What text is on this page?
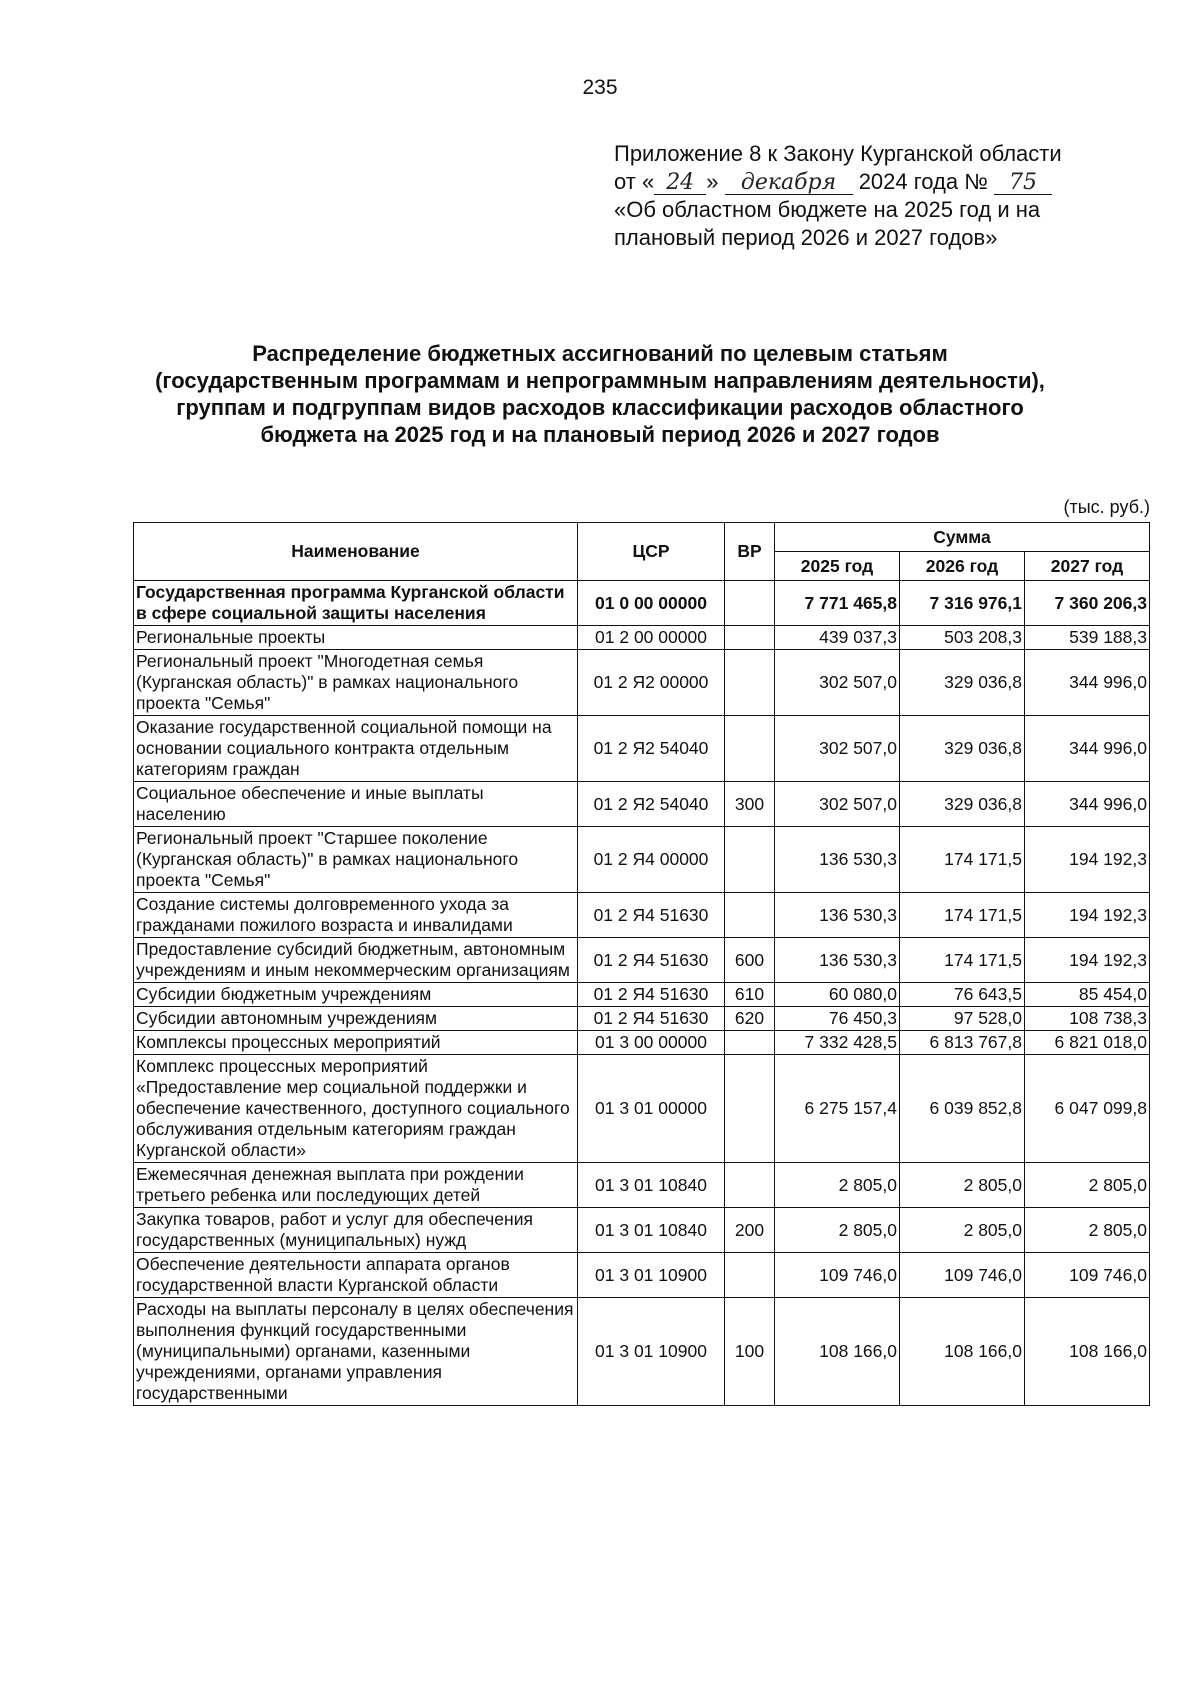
235
Приложение 8 к Закону Курганской области
от « 24 » декабря 2024 года № 75
«Об областном бюджете на 2025 год и на
плановый период 2026 и 2027 годов»
Распределение бюджетных ассигнований по целевым статьям
(государственным программам и непрограммным направлениям деятельности),
группам и подгруппам видов расходов классификации расходов областного
бюджета на 2025 год и на плановый период 2026 и 2027 годов
(тыс. руб.)
Наименование	ЦСР	ВР	Сумма		
			2025 год	2026 год	2027 год
Государственная программа Курганской области в сфере социальной защиты населения	01 0 00 00000		7 771 465,8	7 316 976,1	7 360 206,3
Региональные проекты	01 2 00 00000		439 037,3	503 208,3	539 188,3
Региональный проект "Многодетная семья (Курганская область)" в рамках национального проекта "Семья"	01 2 Я2 00000		302 507,0	329 036,8	344 996,0
Оказание государственной социальной помощи на основании социального контракта отдельным категориям граждан	01 2 Я2 54040		302 507,0	329 036,8	344 996,0
Социальное обеспечение и иные выплаты населению	01 2 Я2 54040	300	302 507,0	329 036,8	344 996,0
Региональный проект "Старшее поколение (Курганская область)" в рамках национального проекта "Семья"	01 2 Я4 00000		136 530,3	174 171,5	194 192,3
Создание системы долговременного ухода за гражданами пожилого возраста и инвалидами	01 2 Я4 51630		136 530,3	174 171,5	194 192,3
Предоставление субсидий бюджетным, автономным учреждениям и иным некоммерческим организациям	01 2 Я4 51630	600	136 530,3	174 171,5	194 192,3
Субсидии бюджетным учреждениям	01 2 Я4 51630	610	60 080,0	76 643,5	85 454,0
Субсидии автономным учреждениям	01 2 Я4 51630	620	76 450,3	97 528,0	108 738,3
Комплексы процессных мероприятий	01 3 00 00000		7 332 428,5	6 813 767,8	6 821 018,0
Комплекс процессных мероприятий «Предоставление мер социальной поддержки и обеспечение качественного, доступного социального обслуживания отдельным категориям граждан Курганской области»	01 3 01 00000		6 275 157,4	6 039 852,8	6 047 099,8
Ежемесячная денежная выплата при рождении третьего ребенка или последующих детей	01 3 01 10840		2 805,0	2 805,0	2 805,0
Закупка товаров, работ и услуг для обеспечения государственных (муниципальных) нужд	01 3 01 10840	200	2 805,0	2 805,0	2 805,0
Обеспечение деятельности аппарата органов государственной власти Курганской области	01 3 01 10900		109 746,0	109 746,0	109 746,0
Расходы на выплаты персоналу в целях обеспечения выполнения функций государственными (муниципальными) органами, казенными учреждениями, органами управления государственными	01 3 01 10900	100	108 166,0	108 166,0	108 166,0
